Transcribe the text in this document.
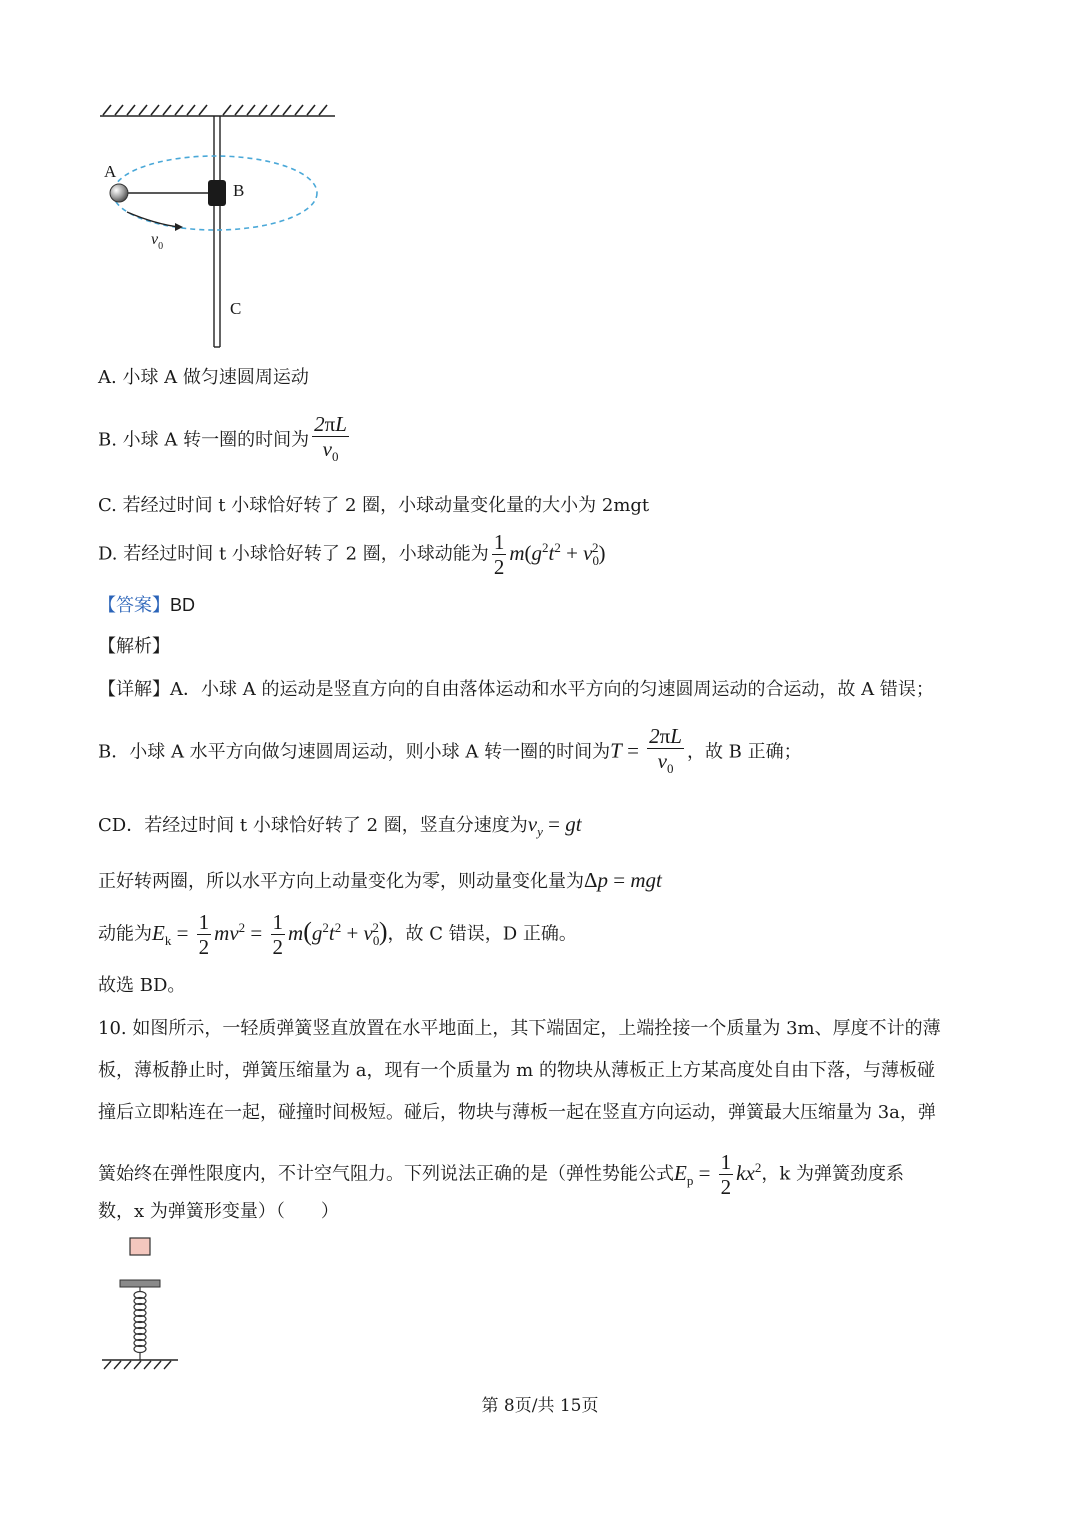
A
B
C
$v_0$
A. 小球 A 做匀速圆周运动
B. 小球 A 转一圈的时间为 $\frac{2\pi L}{v_0}$
C. 若经过时间 t 小球恰好转了 2 圈，小球动量变化量的大小为 2mgt
D. 若经过时间 t 小球恰好转了 2 圈，小球动能为 $\frac{1}{2} m(g^2t^2 + v_0^2)$
【答案】BD
【解析】
【详解】A．小球 A 的运动是竖直方向的自由落体运动和水平方向的匀速圆周运动的合运动，故 A 错误；
B．小球 A 水平方向做匀速圆周运动，则小球 A 转一圈的时间为$T = \frac{2\pi L}{v_0}$ ，故 B 正确；
CD．若经过时间 t 小球恰好转了 2 圈，竖直分速度为$v_y$ = gt
正好转两圈，所以水平方向上动量变化为零，则动量变化量为Δp = mgt
动能为$E_k = \frac{1}{2} mv^2 = \frac{1}{2} m(g^2t^2 + v_0^2)$，故 C 错误，D 正确。
故选 BD。
10. 如图所示，一轻质弹簧竖直放置在水平地面上，其下端固定，上端拴接一个质量为 3m、厚度不计的薄
板，薄板静止时，弹簧压缩量为 a，现有一个质量为 m 的物块从薄板正上方某高度处自由下落，与薄板碰
撞后立即粘连在一起，碰撞时间极短。碰后，物块与薄板一起在竖直方向运动，弹簧最大压缩量为 3a，弹
簧始终在弹性限度内，不计空气阻力。下列说法正确的是（弹性势能公式$E_p = \frac{1}{2} kx^2$，k 为弹簧劲度系
数，x 为弹簧形变量）（　　）
第 8页/共 15页
